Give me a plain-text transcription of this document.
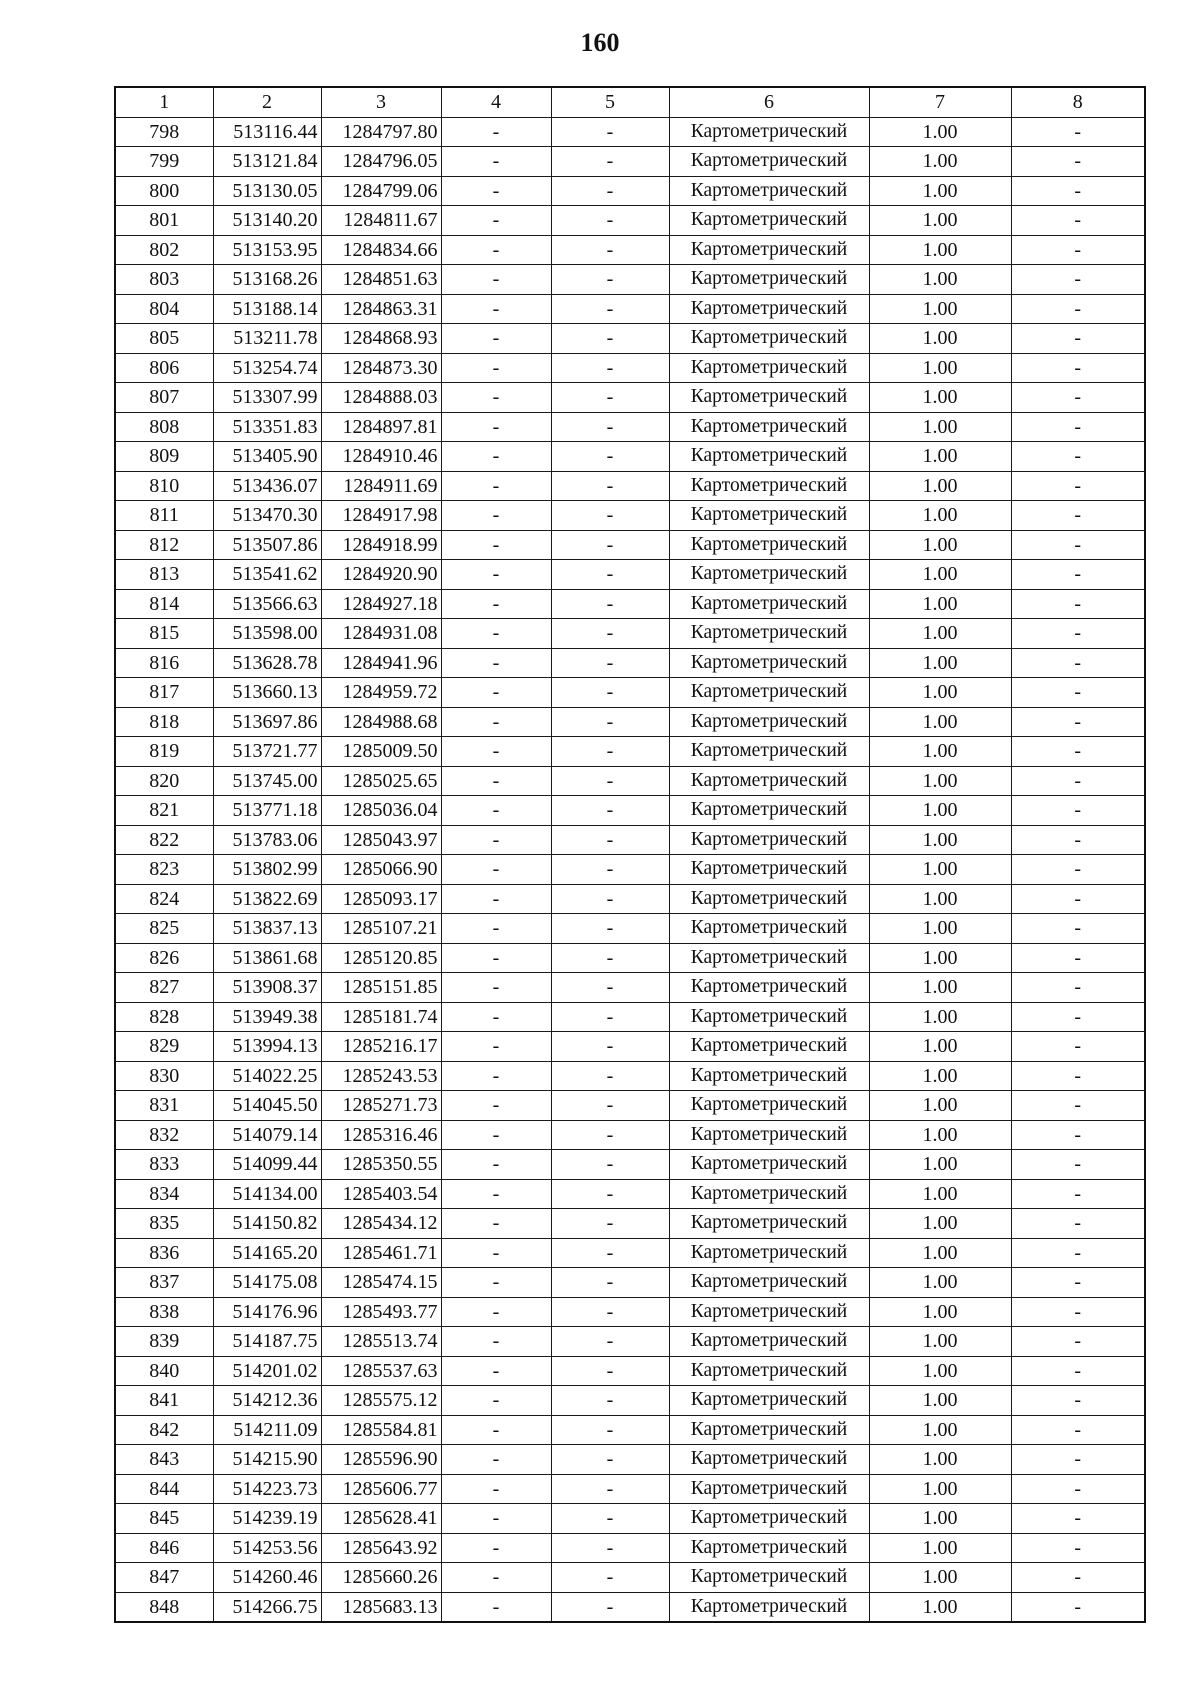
160
1	2	3	4	5	6	7	8
798	513116.44	1284797.80	-	-	Картометрический	1.00	-
799	513121.84	1284796.05	-	-	Картометрический	1.00	-
800	513130.05	1284799.06	-	-	Картометрический	1.00	-
801	513140.20	1284811.67	-	-	Картометрический	1.00	-
802	513153.95	1284834.66	-	-	Картометрический	1.00	-
803	513168.26	1284851.63	-	-	Картометрический	1.00	-
804	513188.14	1284863.31	-	-	Картометрический	1.00	-
805	513211.78	1284868.93	-	-	Картометрический	1.00	-
806	513254.74	1284873.30	-	-	Картометрический	1.00	-
807	513307.99	1284888.03	-	-	Картометрический	1.00	-
808	513351.83	1284897.81	-	-	Картометрический	1.00	-
809	513405.90	1284910.46	-	-	Картометрический	1.00	-
810	513436.07	1284911.69	-	-	Картометрический	1.00	-
811	513470.30	1284917.98	-	-	Картометрический	1.00	-
812	513507.86	1284918.99	-	-	Картометрический	1.00	-
813	513541.62	1284920.90	-	-	Картометрический	1.00	-
814	513566.63	1284927.18	-	-	Картометрический	1.00	-
815	513598.00	1284931.08	-	-	Картометрический	1.00	-
816	513628.78	1284941.96	-	-	Картометрический	1.00	-
817	513660.13	1284959.72	-	-	Картометрический	1.00	-
818	513697.86	1284988.68	-	-	Картометрический	1.00	-
819	513721.77	1285009.50	-	-	Картометрический	1.00	-
820	513745.00	1285025.65	-	-	Картометрический	1.00	-
821	513771.18	1285036.04	-	-	Картометрический	1.00	-
822	513783.06	1285043.97	-	-	Картометрический	1.00	-
823	513802.99	1285066.90	-	-	Картометрический	1.00	-
824	513822.69	1285093.17	-	-	Картометрический	1.00	-
825	513837.13	1285107.21	-	-	Картометрический	1.00	-
826	513861.68	1285120.85	-	-	Картометрический	1.00	-
827	513908.37	1285151.85	-	-	Картометрический	1.00	-
828	513949.38	1285181.74	-	-	Картометрический	1.00	-
829	513994.13	1285216.17	-	-	Картометрический	1.00	-
830	514022.25	1285243.53	-	-	Картометрический	1.00	-
831	514045.50	1285271.73	-	-	Картометрический	1.00	-
832	514079.14	1285316.46	-	-	Картометрический	1.00	-
833	514099.44	1285350.55	-	-	Картометрический	1.00	-
834	514134.00	1285403.54	-	-	Картометрический	1.00	-
835	514150.82	1285434.12	-	-	Картометрический	1.00	-
836	514165.20	1285461.71	-	-	Картометрический	1.00	-
837	514175.08	1285474.15	-	-	Картометрический	1.00	-
838	514176.96	1285493.77	-	-	Картометрический	1.00	-
839	514187.75	1285513.74	-	-	Картометрический	1.00	-
840	514201.02	1285537.63	-	-	Картометрический	1.00	-
841	514212.36	1285575.12	-	-	Картометрический	1.00	-
842	514211.09	1285584.81	-	-	Картометрический	1.00	-
843	514215.90	1285596.90	-	-	Картометрический	1.00	-
844	514223.73	1285606.77	-	-	Картометрический	1.00	-
845	514239.19	1285628.41	-	-	Картометрический	1.00	-
846	514253.56	1285643.92	-	-	Картометрический	1.00	-
847	514260.46	1285660.26	-	-	Картометрический	1.00	-
848	514266.75	1285683.13	-	-	Картометрический	1.00	-
